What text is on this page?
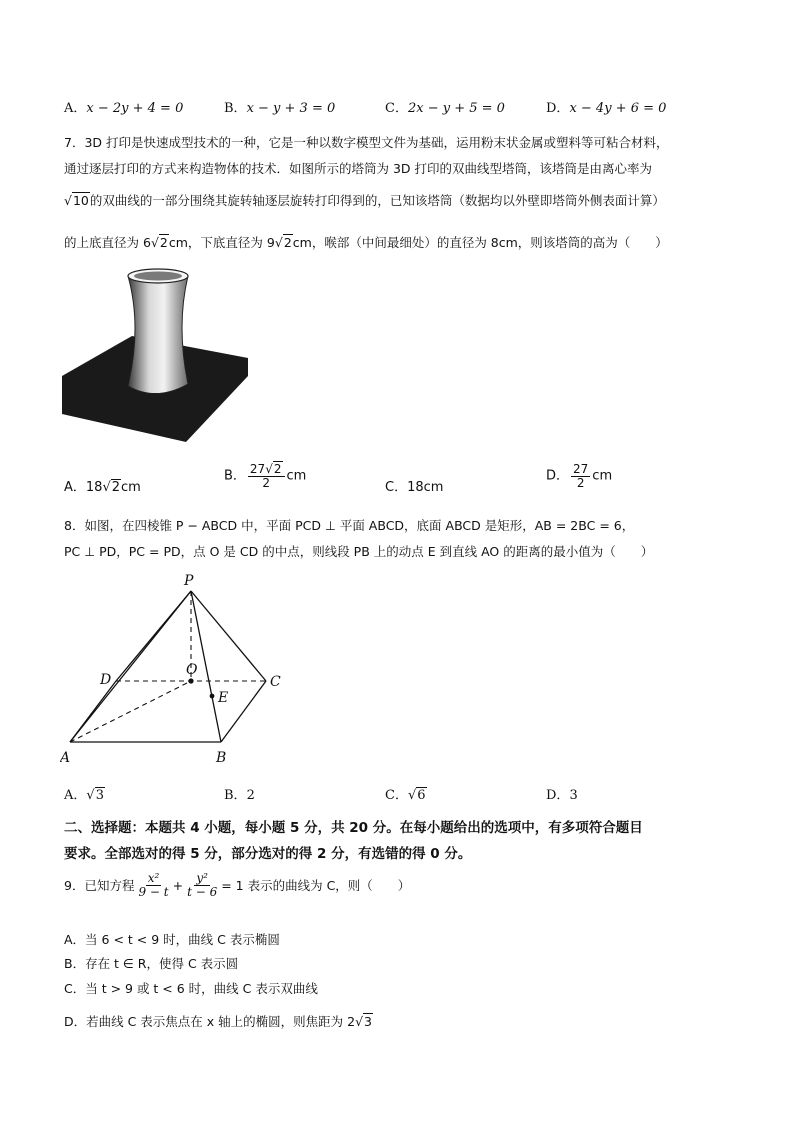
A．x − 2y + 4 = 0	B．x − y + 3 = 0	C．2x − y + 5 = 0	D．x − 4y + 6 = 0
7．3D 打印是快速成型技术的一种，它是一种以数字模型文件为基础，运用粉末状金属或塑料等可粘合材料，
通过逐层打印的方式来构造物体的技术．如图所示的塔筒为 3D 打印的双曲线型塔筒，该塔筒是由离心率为
√10的双曲线的一部分围绕其旋转轴逐层旋转打印得到的，已知该塔筒（数据均以外壁即塔筒外侧表面计算）
的上底直径为 6√2cm，下底直径为 9√2cm，喉部（中间最细处）的直径为 8cm，则该塔筒的高为（　　）
A．18√2cm
B． $\frac{27√2}{2}$ cm
C．18cm
D． $\frac{27}{2}$ cm
8．如图，在四棱锥 P − ABCD 中，平面 PCD ⊥ 平面 ABCD，底面 ABCD 是矩形，AB = 2BC = 6，
PC ⊥ PD，PC = PD，点 O 是 CD 的中点，则线段 PB 上的动点 E 到直线 AO 的距离的最小值为（　　）
P
A	B
C
D
O
E
A．√3	B．2	C．√6	D．3
二、选择题：本题共 4 小题，每小题 5 分，共 20 分。在每小题给出的选项中，有多项符合题目
要求。全部选对的得 5 分，部分选对的得 2 分，有选错的得 0 分。
9．已知方程 $\frac{\text{x²}}{9 - t} + \frac{\text{y²}}{t - 6} = 1$ 表示的曲线为 C，则（　　）
A．当 6 < t < 9 时，曲线 C 表示椭圆
B．存在 t ∈ R，使得 C 表示圆
C．当 t > 9 或 t < 6 时，曲线 C 表示双曲线
D．若曲线 C 表示焦点在 x 轴上的椭圆，则焦距为 2√3
